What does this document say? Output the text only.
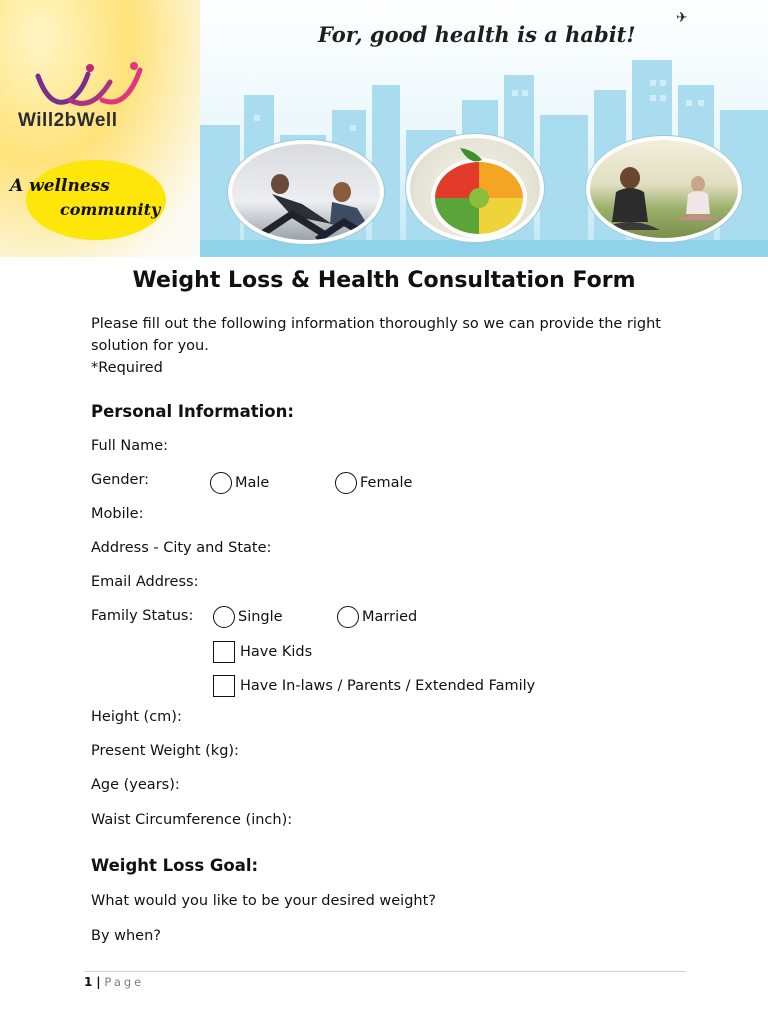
Will2bWell
A wellness
community
✈
For, good health is a habit!
Weight Loss & Health Consultation Form
Please fill out the following information thoroughly so we can provide the right
solution for you.
*Required
Personal Information:
Full Name:
Gender:	Male	Female
Mobile:
Address - City and State:
Email Address:
Family Status:	Single	Married
Have Kids
Have In-laws / Parents / Extended Family
Height (cm):
Present Weight (kg):
Age (years):
Waist Circumference (inch):
Weight Loss Goal:
What would you like to be your desired weight?
By when?
1 | Page
